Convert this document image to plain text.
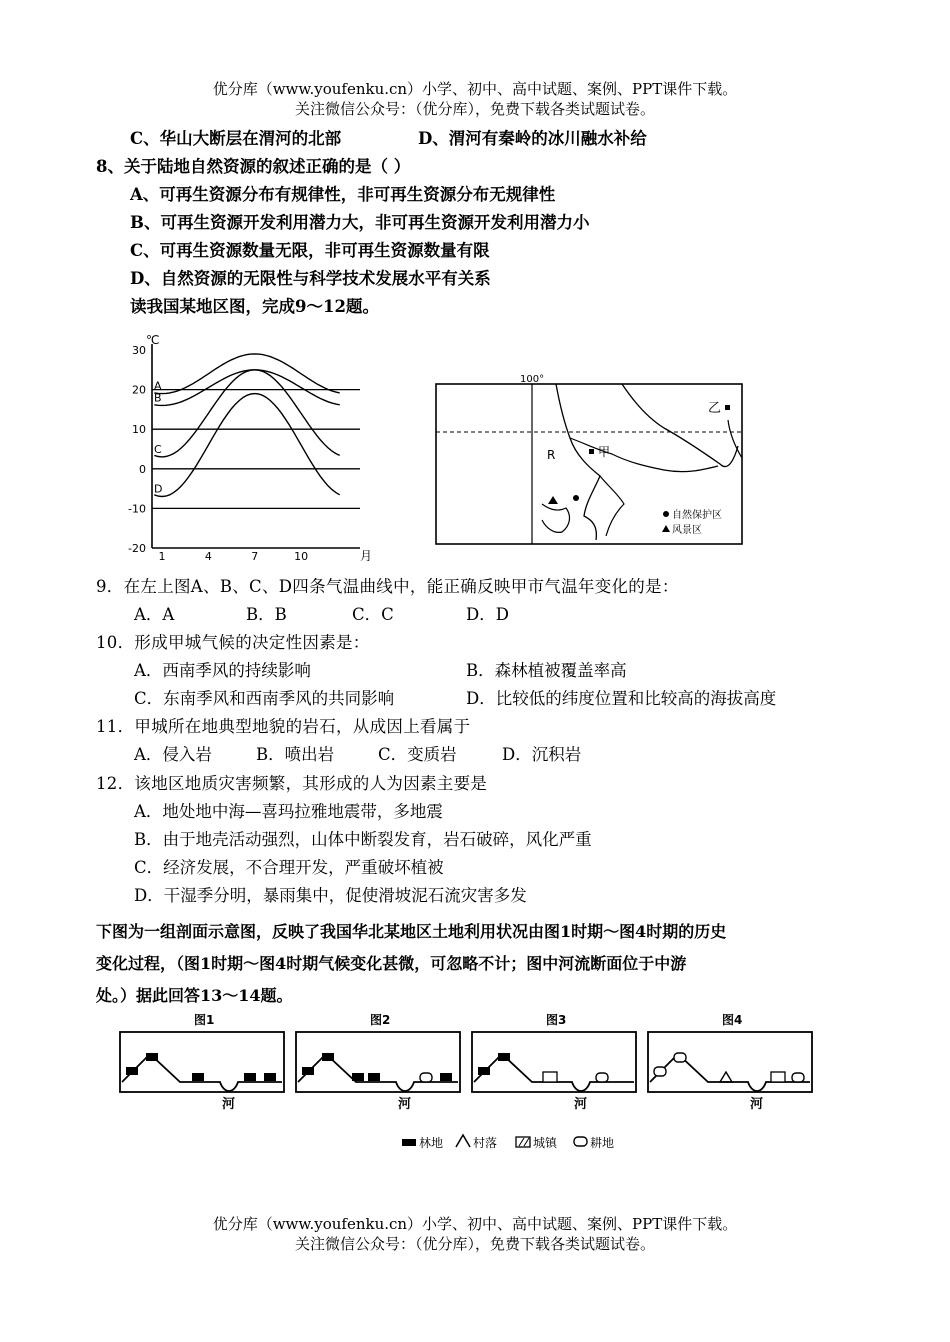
优分库（www.youfenku.cn）小学、初中、高中试题、案例、PPT课件下载。
关注微信公众号：（优分库），免费下载各类试题试卷。
C、华山大断层在渭河的北部	D、渭河有秦岭的冰川融水补给
8、关于陆地自然资源的叙述正确的是（ ）
A、可再生资源分布有规律性，非可再生资源分布无规律性
B、可再生资源开发利用潜力大，非可再生资源开发利用潜力小
C、可再生资源数量无限，非可再生资源数量有限
D、自然资源的无限性与科学技术发展水平有关系
读我国某地区图，完成9～12题。
30
20
10
0
-10
-20
1	4	7	10
A
B
C
D
℃
月
100°
乙
甲
R
自然保护区
风景区
9．在左上图A、B、C、D四条气温曲线中，能正确反映甲市气温年变化的是：
A．A	B．B	C．C	D．D
10．形成甲城气候的决定性因素是：
A．西南季风的持续影响	B．森林植被覆盖率高
C．东南季风和西南季风的共同影响	D．比较低的纬度位置和比较高的海拔高度
11．甲城所在地典型地貌的岩石，从成因上看属于
A．侵入岩	B．喷出岩	C．变质岩	D．沉积岩
12．该地区地质灾害频繁，其形成的人为因素主要是
A．地处地中海—喜玛拉雅地震带，多地震
B．由于地壳活动强烈，山体中断裂发育，岩石破碎，风化严重
C．经济发展，不合理开发，严重破坏植被
D．干湿季分明，暴雨集中，促使滑坡泥石流灾害多发
下图为一组剖面示意图，反映了我国华北某地区土地利用状况由图1时期～图4时期的历史
变化过程，（图1时期～图4时期气候变化甚微，可忽略不计；图中河流断面位于中游
处。）据此回答13～14题。
图1
河
图2
河
图3
河
图4
河
林地 村落	城镇	耕地
优分库（www.youfenku.cn）小学、初中、高中试题、案例、PPT课件下载。
关注微信公众号：（优分库），免费下载各类试题试卷。
